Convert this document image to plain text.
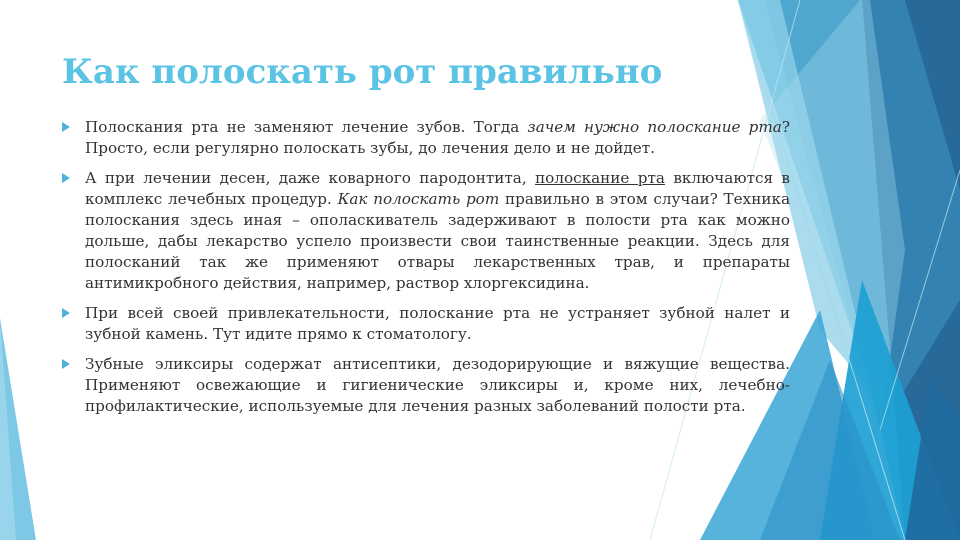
Как полоскать рот правильно

Полоскания рта не заменяют лечение зубов. Тогда зачем нужно полоскание рта? Просто, если регулярно полоскать зубы, до лечения дело и не дойдет.

А при лечении десен, даже коварного пародонтита, полоскание рта включаются в комплекс лечебных процедур. Как полоскать рот правильно в этом случаи? Техника полоскания здесь иная – ополаскиватель задерживают в полости рта как можно дольше, дабы лекарство успело произвести свои таинственные реакции. Здесь для полосканий так же применяют отвары лекарственных трав, и препараты антимикробного действия, например, раствор хлоргексидина.

При всей своей привлекательности, полоскание рта не устраняет зубной налет и зубной камень. Тут идите прямо к стоматологу.

Зубные эликсиры содержат антисептики, дезодорирующие и вяжущие вещества. Применяют освежающие и гигиенические эликсиры и, кроме них, лечебно-профилактические, используемые для лечения разных заболеваний полости рта.
